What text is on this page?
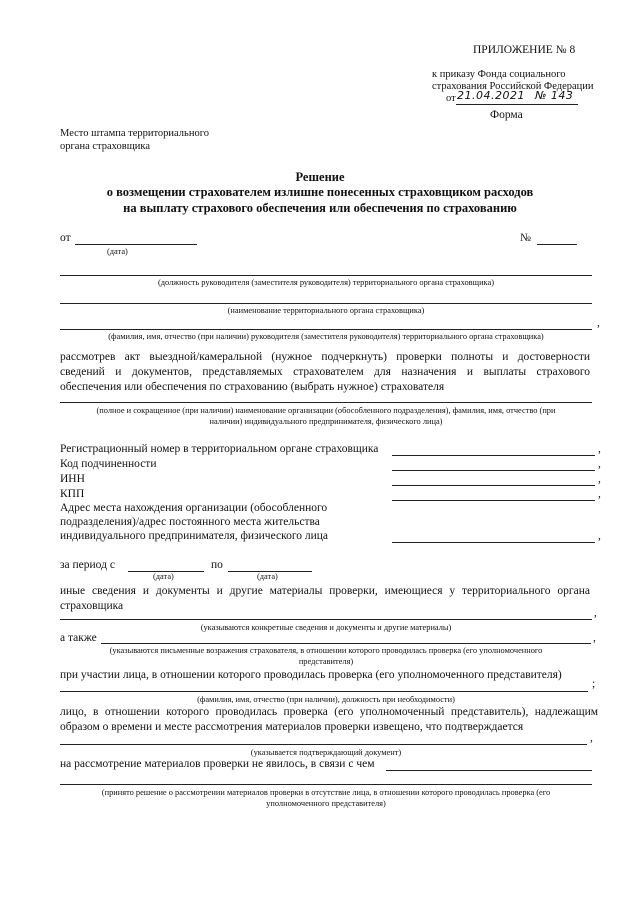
ПРИЛОЖЕНИЕ № 8
к приказу Фонда социального
страхования Российской Федерации
от 21.04.2021 № 143
Форма
Место штампа территориального
органа страховщика
Решение
о возмещении страхователем излишне понесенных страховщиком расходов
на выплату страхового обеспечения или обеспечения по страхованию
от
(дата)
№
(должность руководителя (заместителя руководителя) территориального органа страховщика)
(наименование территориального органа страховщика)
,
(фамилия, имя, отчество (при наличии) руководителя (заместителя руководителя) территориального органа страховщика)
рассмотрев акт выездной/камеральной (нужное подчеркнуть) проверки полноты и достоверности
сведений и документов, представляемых страхователем для назначения и выплаты страхового
обеспечения или обеспечения по страхованию (выбрать нужное) страхователя
(полное и сокращенное (при наличии) наименование организации (обособленного подразделения), фамилия, имя, отчество (при
наличии) индивидуального предпринимателя, физического лица)
Регистрационный номер в территориальном органе страховщика	,
Код подчиненности	,
ИНН	,
КПП	,
Адрес места нахождения организации (обособленного
подразделения)/адрес постоянного места жительства
индивидуального предпринимателя, физического лица	,
за период с	по
(дата)	(дата)
иные сведения и документы и другие материалы проверки, имеющиеся у территориального органа
страховщика
,
(указываются конкретные сведения и документы и другие материалы)
а также	,
(указываются письменные возражения страхователя, в отношении которого проводилась проверка (его уполномоченного
представителя)
при участии лица, в отношении которого проводилась проверка (его уполномоченного представителя)
;
(фамилия, имя, отчество (при наличии), должность при необходимости)
лицо, в отношении которого проводилась проверка (его уполномоченный представитель), надлежащим
образом о времени и месте рассмотрения материалов проверки извещено, что подтверждается
,
(указывается подтверждающий документ)
на рассмотрение материалов проверки не явилось, в связи с чем
(принято решение о рассмотрении материалов проверки в отсутствие лица, в отношении которого проводилась проверка (его
уполномоченного представителя)
